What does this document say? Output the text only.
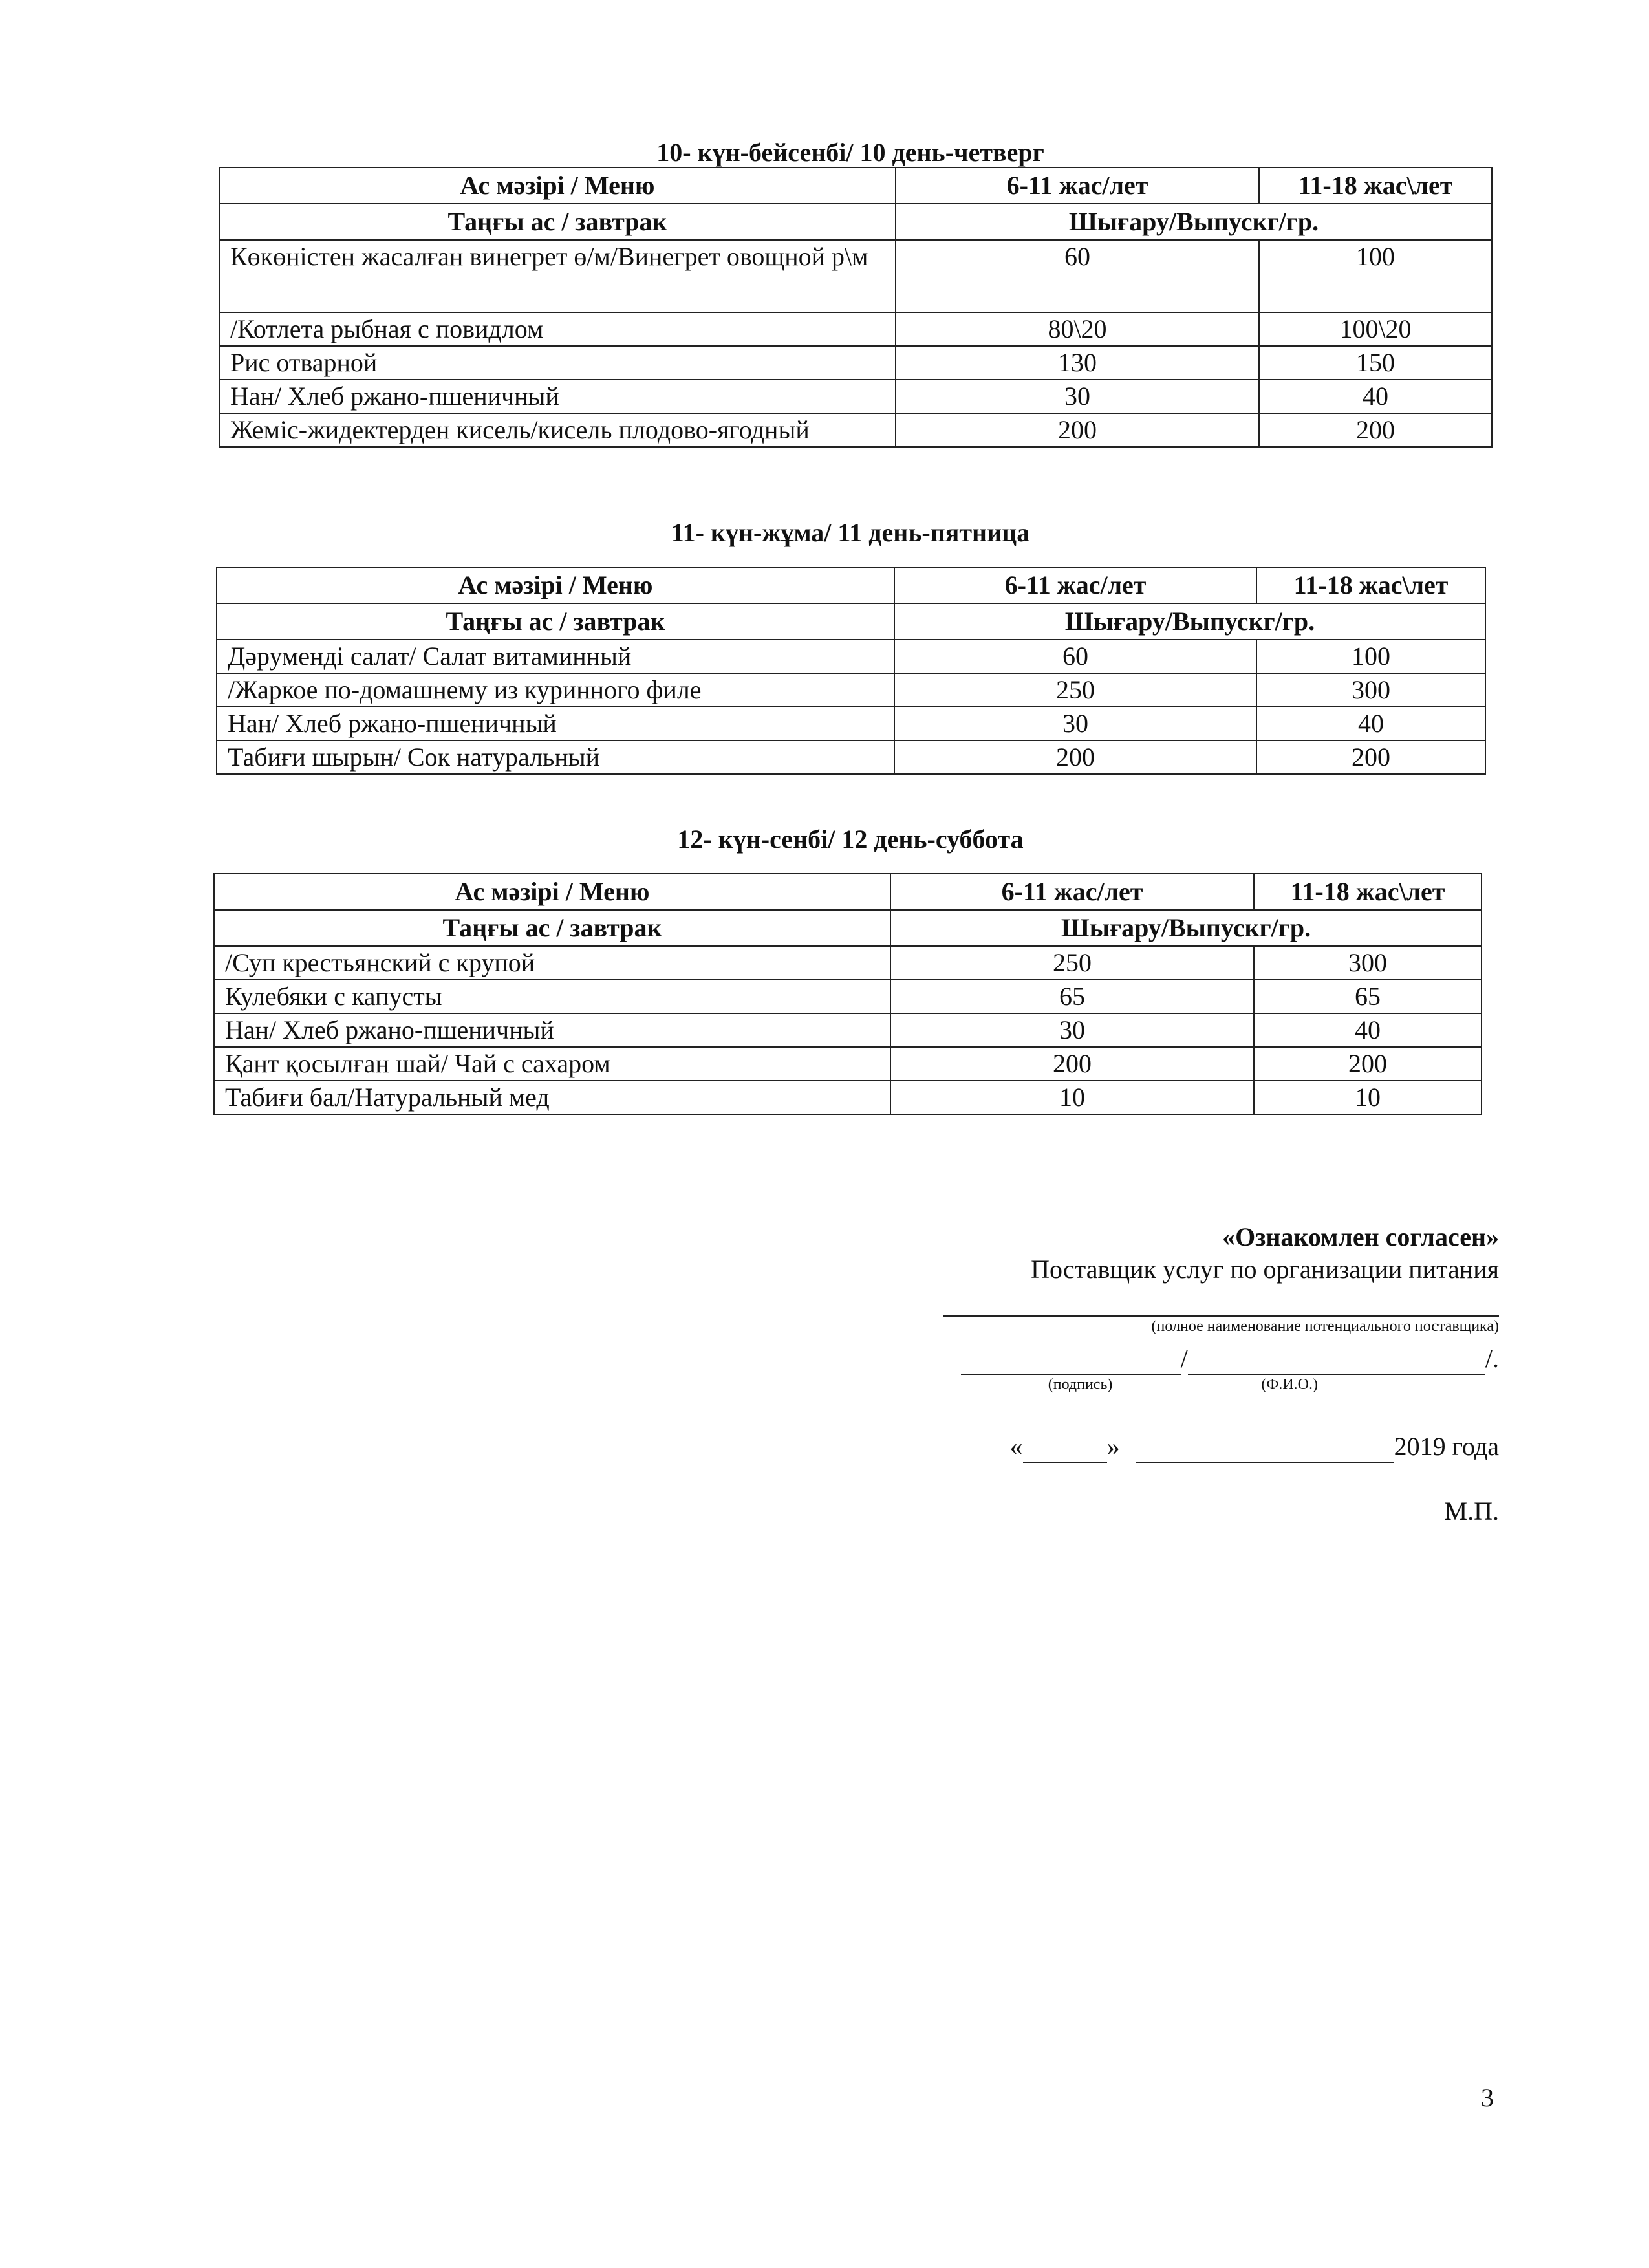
10- күн-бейсенбі/ 10 день-четверг
Ас мәзірі / Меню	6-11 жас/лет	11-18 жас\лет
Таңғы ас / завтрак	Шығару/Выпускг/гр.	
Көкөністен жасалған винегрет ө/м/Винегрет овощной р\м	60	100
/Котлета рыбная с повидлом	80\20	100\20
Рис отварной	130	150
Нан/ Хлеб ржано-пшеничный	30	40
Жеміс-жидектерден кисель/кисель плодово-ягодный	200	200
11- күн-жұма/ 11 день-пятница
Ас мәзірі / Меню	6-11 жас/лет	11-18 жас\лет
Таңғы ас / завтрак	Шығару/Выпускг/гр.	
Дәрумендi салат/ Салат витаминный	60	100
/Жаркое по-домашнему из куринного филе	250	300
Нан/ Хлеб ржано-пшеничный	30	40
Табиғи шырын/ Сок натуральный	200	200
12- күн-сенбі/ 12 день-суббота
Ас мәзірі / Меню	6-11 жас/лет	11-18 жас\лет
Таңғы ас / завтрак	Шығару/Выпускг/гр.	
/Суп крестьянский с крупой	250	300
Кулебяки с капусты	65	65
Нан/ Хлеб ржано-пшеничный	30	40
Қант қосылған шай/ Чай с сахаром	200	200
Табиғи бал/Натуральный мед	10	10
«Ознакомлен согласен»
Поставщик услуг по организации питания
(полное наименование потенциального поставщика)
/	/.
(подпись)	(Ф.И.О.)
«	»	2019 года
М.П.
3
